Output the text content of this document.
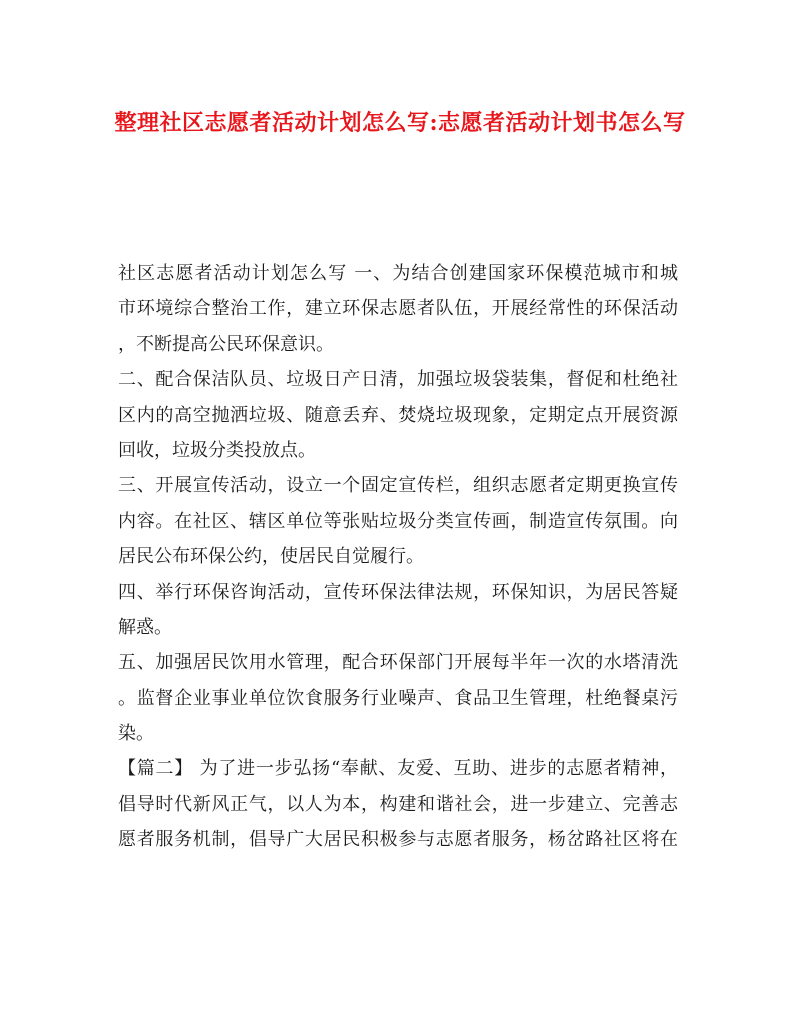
整理社区志愿者活动计划怎么写:志愿者活动计划书怎么写
社区志愿者活动计划怎么写 一、为结合创建国家环保模范城市和城
市环境综合整治工作，建立环保志愿者队伍，开展经常性的环保活动
，不断提高公民环保意识。
二、配合保洁队员、垃圾日产日清，加强垃圾袋装集，督促和杜绝社
区内的高空抛洒垃圾、随意丢弃、焚烧垃圾现象，定期定点开展资源
回收，垃圾分类投放点。
三、开展宣传活动，设立一个固定宣传栏，组织志愿者定期更换宣传
内容。在社区、辖区单位等张贴垃圾分类宣传画，制造宣传氛围。向
居民公布环保公约，使居民自觉履行。
四、举行环保咨询活动，宣传环保法律法规，环保知识，为居民答疑
解惑。
五、加强居民饮用水管理，配合环保部门开展每半年一次的水塔清洗
。监督企业事业单位饮食服务行业噪声、食品卫生管理，杜绝餐桌污
染。
【篇二】 为了进一步弘扬“奉献、友爱、互助、进步的志愿者精神，
倡导时代新风正气，以人为本，构建和谐社会，进一步建立、完善志
愿者服务机制，倡导广大居民积极参与志愿者服务，杨岔路社区将在
